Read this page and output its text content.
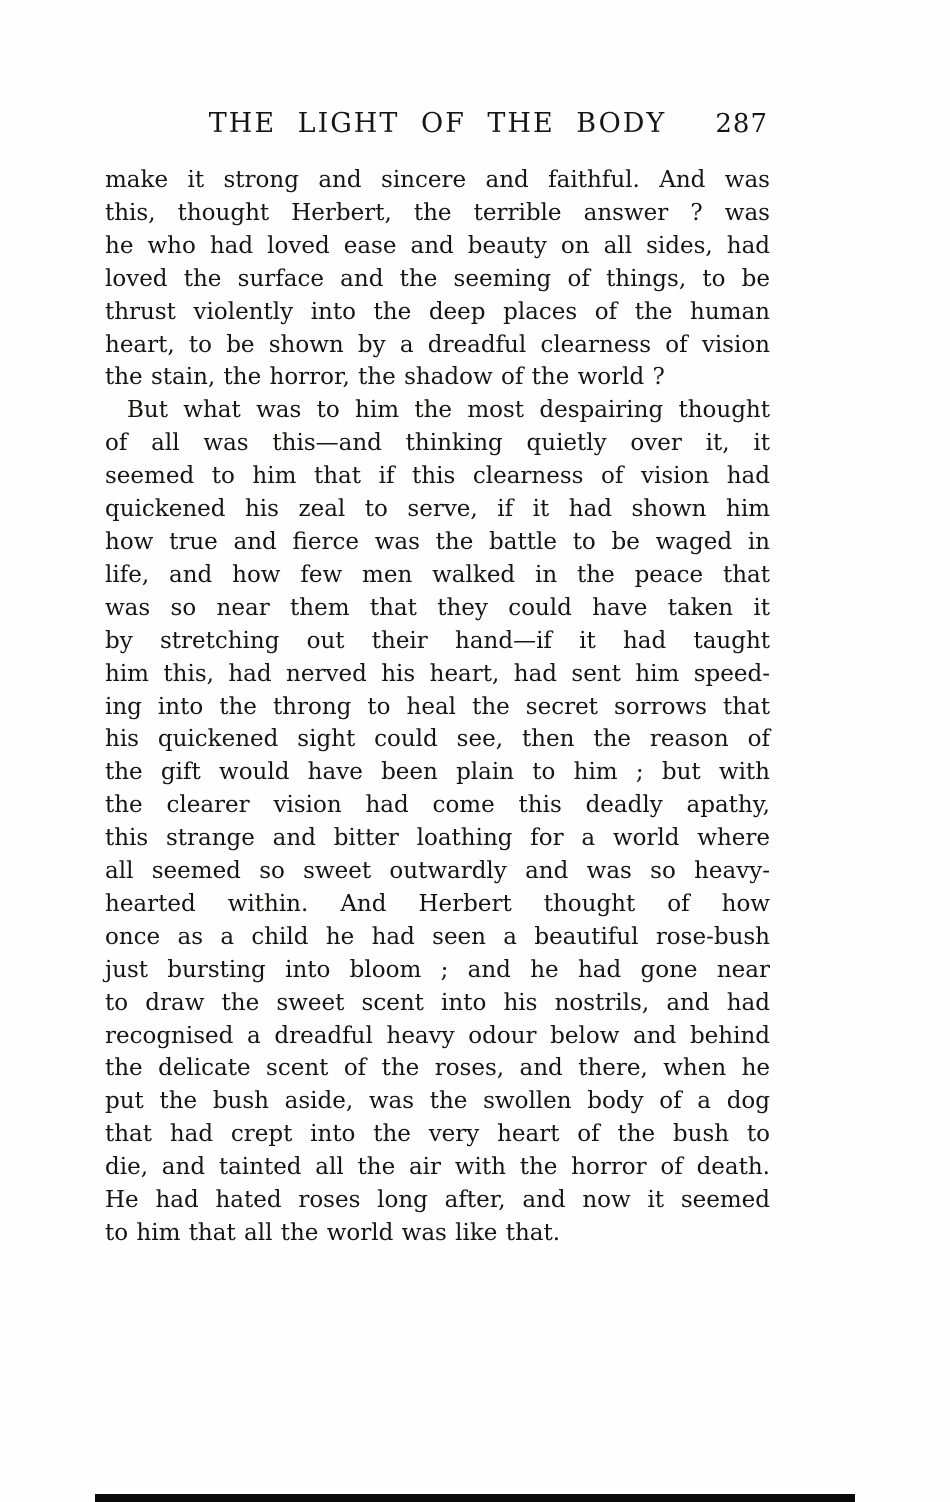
THE LIGHT OF THE BODY	287
make it strong and sincere and faithful. And was
this, thought Herbert, the terrible answer ? was
he who had loved ease and beauty on all sides, had
loved the surface and the seeming of things, to be
thrust violently into the deep places of the human
heart, to be shown by a dreadful clearness of vision
the stain, the horror, the shadow of the world ?
But what was to him the most despairing thought
of all was this—and thinking quietly over it, it
seemed to him that if this clearness of vision had
quickened his zeal to serve, if it had shown him
how true and fierce was the battle to be waged in
life, and how few men walked in the peace that
was so near them that they could have taken it
by stretching out their hand—if it had taught
him this, had nerved his heart, had sent him speed-
ing into the throng to heal the secret sorrows that
his quickened sight could see, then the reason of
the gift would have been plain to him ; but with
the clearer vision had come this deadly apathy,
this strange and bitter loathing for a world where
all seemed so sweet outwardly and was so heavy-
hearted within. And Herbert thought of how
once as a child he had seen a beautiful rose-bush
just bursting into bloom ; and he had gone near
to draw the sweet scent into his nostrils, and had
recognised a dreadful heavy odour below and behind
the delicate scent of the roses, and there, when he
put the bush aside, was the swollen body of a dog
that had crept into the very heart of the bush to
die, and tainted all the air with the horror of death.
He had hated roses long after, and now it seemed
to him that all the world was like that.
